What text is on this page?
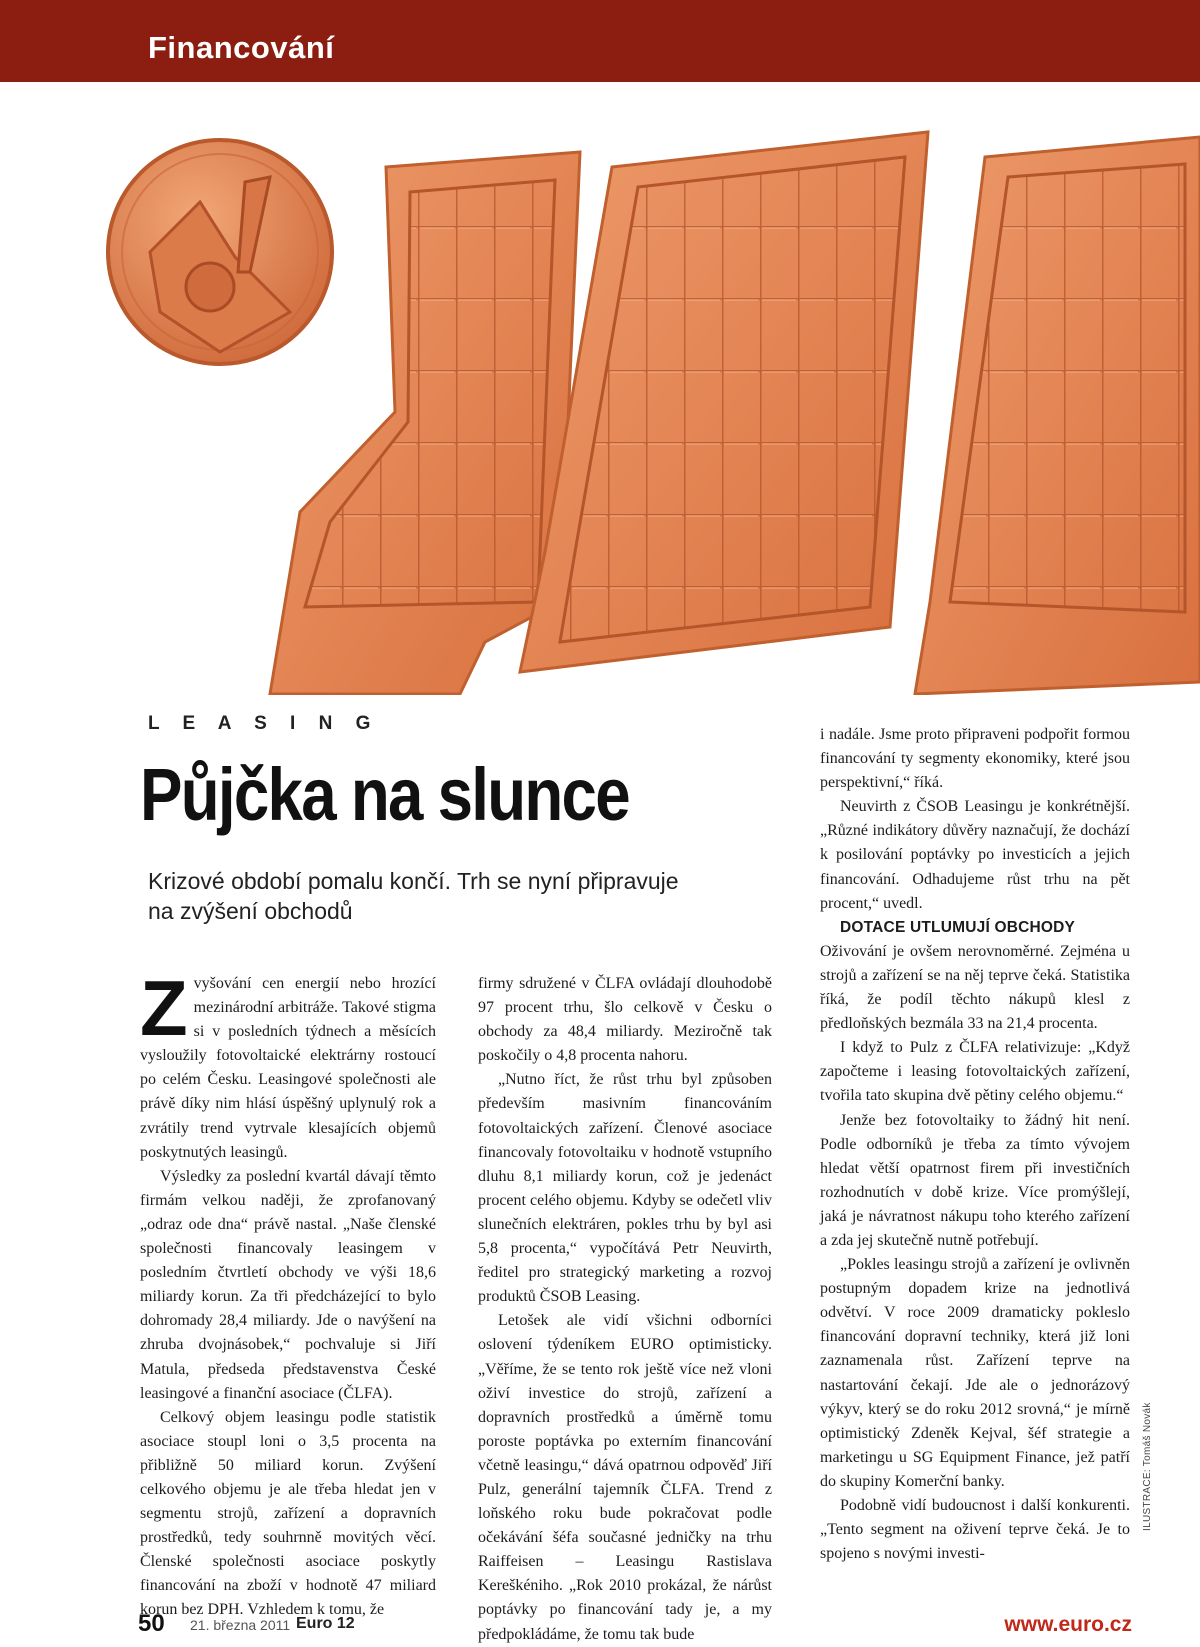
Financování
L E A S I N G
Půjčka na slunce

Krizové období pomalu končí. Trh se nyní připravuje na zvýšení obchodů

Zvyšování cen energií nebo hrozící mezinárodní arbitráže. Takové stigma si v posledních týdnech a měsících vysloužily fotovoltaické elektrárny rostoucí po celém Česku. Leasingové společnosti ale právě díky nim hlásí úspěšný uplynulý rok a zvrátily trend vytrvale klesajících objemů poskytnutých leasingů.

Výsledky za poslední kvartál dávají těmto firmám velkou naději, že zprofanovaný „odraz ode dna“ právě nastal. „Naše členské společnosti financovaly leasingem v posledním čtvrtletí obchody ve výši 18,6 miliardy korun. Za tři předcházející to bylo dohromady 28,4 miliardy. Jde o navýšení na zhruba dvojnásobek,“ pochvaluje si Jiří Matula, předseda představenstva České leasingové a finanční asociace (ČLFA).

Celkový objem leasingu podle statistik asociace stoupl loni o 3,5 procenta na přibližně 50 miliard korun. Zvýšení celkového objemu je ale třeba hledat jen v segmentu strojů, zařízení a dopravních prostředků, tedy souhrnně movitých věcí. Členské společnosti asociace poskytly financování na zboží v hodnotě 47 miliard korun bez DPH. Vzhledem k tomu, že

firmy sdružené v ČLFA ovládají dlouhodobě 97 procent trhu, šlo celkově v Česku o obchody za 48,4 miliardy. Meziročně tak poskočily o 4,8 procenta nahoru.

„Nutno říct, že růst trhu byl způsoben především masivním financováním fotovoltaických zařízení. Členové asociace financovaly fotovoltaiku v hodnotě vstupního dluhu 8,1 miliardy korun, což je jedenáct procent celého objemu. Kdyby se odečetl vliv slunečních elektráren, pokles trhu by byl asi 5,8 procenta,“ vypočítává Petr Neuvirth, ředitel pro strategický marketing a rozvoj produktů ČSOB Leasing.

Letošek ale vidí všichni odborníci oslovení týdeníkem EURO optimisticky. „Věříme, že se tento rok ještě více než vloni oživí investice do strojů, zařízení a dopravních prostředků a úměrně tomu poroste poptávka po externím financování včetně leasingu,“ dává opatrnou odpověď Jiří Pulz, generální tajemník ČLFA. Trend z loňského roku bude pokračovat podle očekávání šéfa současné jedničky na trhu Raiffeisen – Leasingu Rastislava Kereškéniho. „Rok 2010 prokázal, že nárůst poptávky po financování tady je, a my předpokládáme, že tomu tak bude

i nadále. Jsme proto připraveni podpořit formou financování ty segmenty ekonomiky, které jsou perspektivní,“ říká.

Neuvirth z ČSOB Leasingu je konkrétnější. „Různé indikátory důvěry naznačují, že dochází k posilování poptávky po investicích a jejich financování. Odhadujeme růst trhu na pět procent,“ uvedl.

DOTACE UTLUMUJÍ OBCHODY

Oživování je ovšem nerovnoměrné. Zejména u strojů a zařízení se na něj teprve čeká. Statistika říká, že podíl těchto nákupů klesl z předloňských bezmála 33 na 21,4 procenta.

I když to Pulz z ČLFA relativizuje: „Když započteme i leasing fotovoltaických zařízení, tvořila tato skupina dvě pětiny celého objemu.“

Jenže bez fotovoltaiky to žádný hit není. Podle odborníků je třeba za tímto vývojem hledat větší opatrnost firem při investičních rozhodnutích v době krize. Více promýšlejí, jaká je návratnost nákupu toho kterého zařízení a zda jej skutečně nutně potřebují.

„Pokles leasingu strojů a zařízení je ovlivněn postupným dopadem krize na jednotlivá odvětví. V roce 2009 dramaticky pokleslo financování dopravní techniky, která již loni zaznamenala růst. Zařízení teprve na nastartování čekají. Jde ale o jednorázový výkyv, který se do roku 2012 srovná,“ je mírně optimistický Zdeněk Kejval, šéf strategie a marketingu u SG Equipment Finance, jež patří do skupiny Komerční banky.

Podobně vidí budoucnost i další konkurenti. „Tento segment na oživení teprve čeká. Je to spojeno s novými investi-

ILUSTRACE: Tomáš Novák
50 21. března 2011 Euro 12	www.euro.cz
